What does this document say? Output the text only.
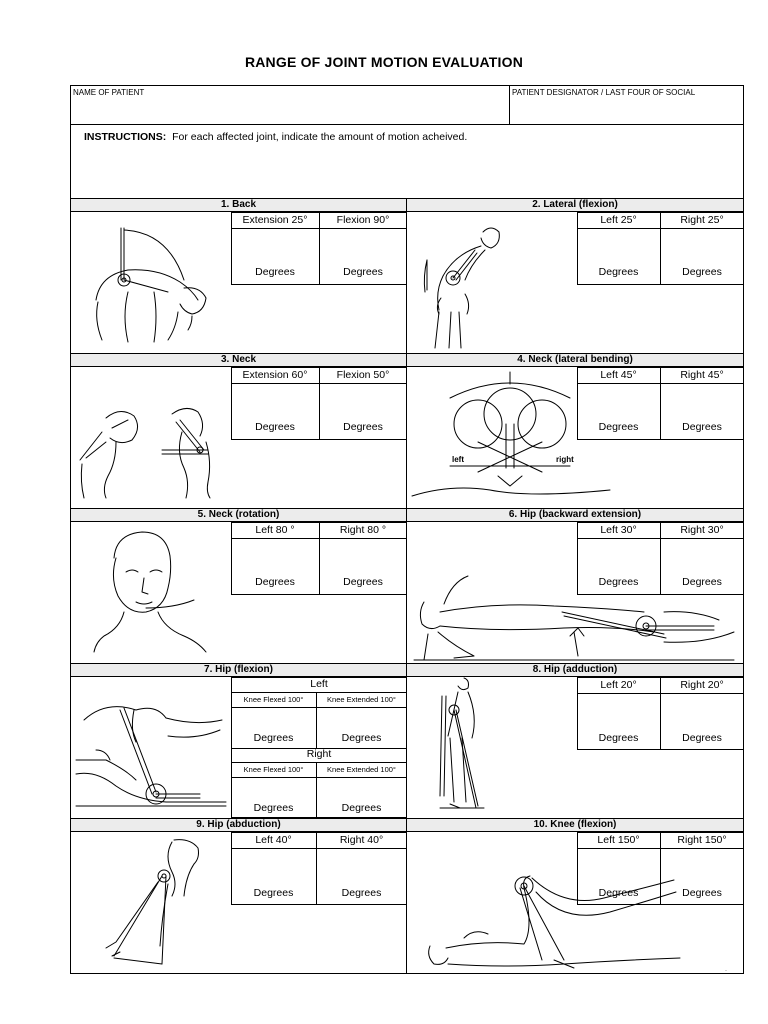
RANGE OF JOINT MOTION EVALUATION
NAME OF PATIENT	PATIENT DESIGNATOR / LAST FOUR OF SOCIAL
INSTRUCTIONS: For each affected joint, indicate the amount of motion acheived.
1. Back	2. Lateral (flexion)
Extension 25°	Flexion 90°
Degrees	Degrees
Left 25°	Right 25°
Degrees	Degrees
3. Neck	4. Neck (lateral bending)
Extension 60°	Flexion 50°
Degrees	Degrees
Left 45°	Right 45°
Degrees	Degrees
left	right
5. Neck (rotation)	6. Hip (backward extension)
Left 80 °	Right 80 °
Degrees	Degrees
Left 30°	Right 30°
Degrees	Degrees
7. Hip (flexion)	8. Hip (adduction)
Left
Knee Flexed 100°	Knee Extended 100°
Degrees	Degrees
Right
Knee Flexed 100°	Knee Extended 100°
Degrees	Degrees
Left 20°	Right 20°
Degrees	Degrees
9. Hip (abduction)	10. Knee (flexion)
Left 40°	Right 40°
Degrees	Degrees
Left 150°	Right 150°
Degrees	Degrees
·
